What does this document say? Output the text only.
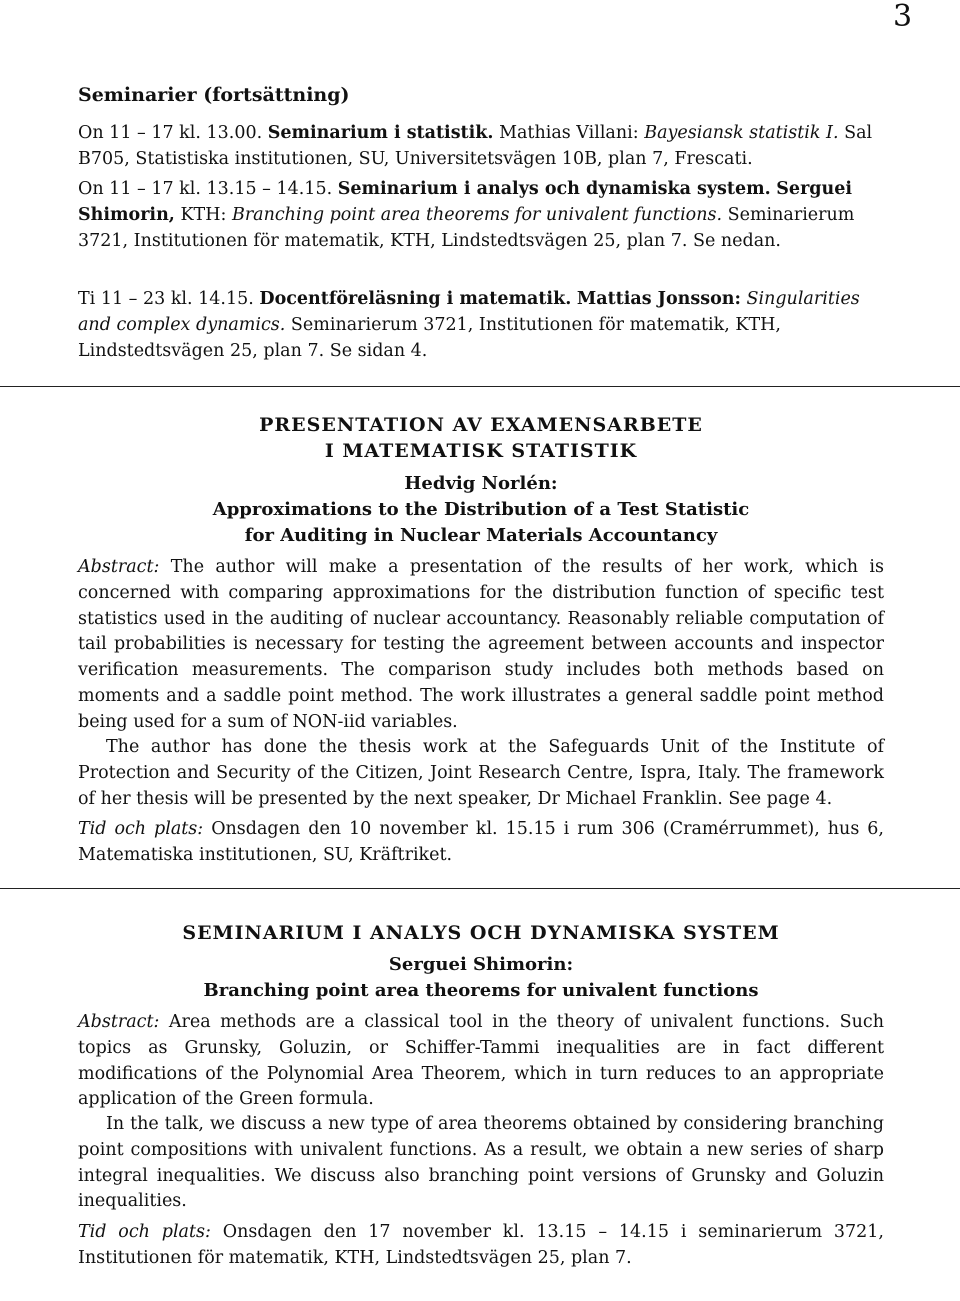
3
Seminarier (fortsättning)
On 11 – 17 kl. 13.00. Seminarium i statistik. Mathias Villani: Bayesiansk statistik I. Sal B705, Statistiska institutionen, SU, Universitetsvägen 10B, plan 7, Frescati.
On 11 – 17 kl. 13.15 – 14.15. Seminarium i analys och dynamiska system. Serguei Shimorin, KTH: Branching point area theorems for univalent functions. Seminarierum 3721, Institutionen för matematik, KTH, Lindstedtsvägen 25, plan 7. Se nedan.
Ti 11 – 23 kl. 14.15. Docentföreläsning i matematik. Mattias Jonsson: Singularities and complex dynamics. Seminarierum 3721, Institutionen för matematik, KTH, Lindstedtsvägen 25, plan 7. Se sidan 4.
PRESENTATION AV EXAMENSARBETE
I MATEMATISK STATISTIK
Hedvig Norlén:
Approximations to the Distribution of a Test Statistic
for Auditing in Nuclear Materials Accountancy
Abstract: The author will make a presentation of the results of her work, which is concerned with comparing approximations for the distribution function of specific test statistics used in the auditing of nuclear accountancy. Reasonably reliable computation of tail probabilities is necessary for testing the agreement between accounts and inspector verification measurements. The comparison study includes both methods based on moments and a saddle point method. The work illustrates a general saddle point method being used for a sum of NON-iid variables.
The author has done the thesis work at the Safeguards Unit of the Institute of Protection and Security of the Citizen, Joint Research Centre, Ispra, Italy. The framework of her thesis will be presented by the next speaker, Dr Michael Franklin. See page 4.
Tid och plats: Onsdagen den 10 november kl. 15.15 i rum 306 (Cramérrummet), hus 6, Matematiska institutionen, SU, Kräftriket.
SEMINARIUM I ANALYS OCH DYNAMISKA SYSTEM
Serguei Shimorin:
Branching point area theorems for univalent functions
Abstract: Area methods are a classical tool in the theory of univalent functions. Such topics as Grunsky, Goluzin, or Schiffer-Tammi inequalities are in fact different modifications of the Polynomial Area Theorem, which in turn reduces to an appropriate application of the Green formula.
In the talk, we discuss a new type of area theorems obtained by considering branching point compositions with univalent functions. As a result, we obtain a new series of sharp integral inequalities. We discuss also branching point versions of Grunsky and Goluzin inequalities.
Tid och plats: Onsdagen den 17 november kl. 13.15 – 14.15 i seminarierum 3721, Institutionen för matematik, KTH, Lindstedtsvägen 25, plan 7.
